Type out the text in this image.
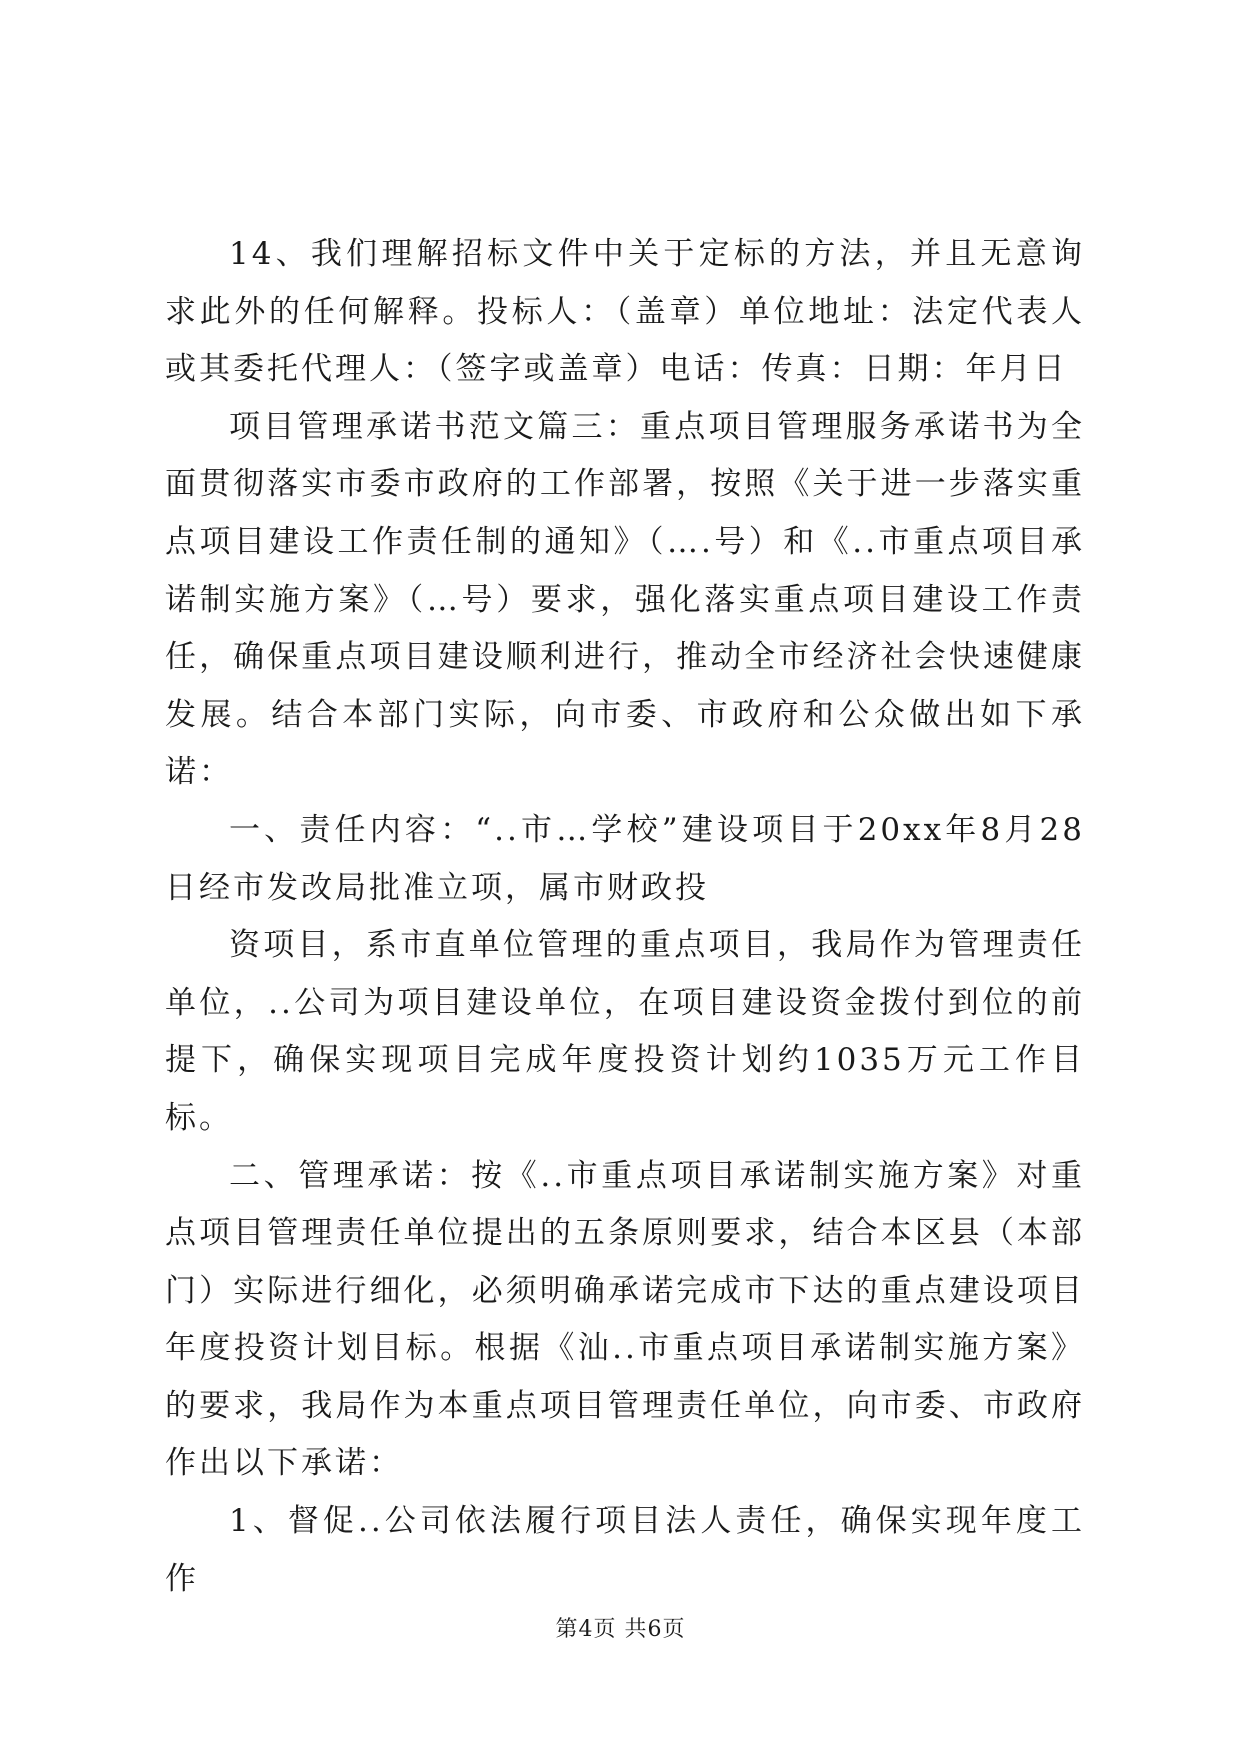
14、我们理解招标文件中关于定标的方法，并且无意询求此外的任何解释。投标人：（盖章）单位地址：法定代表人或其委托代理人：（签字或盖章）电话：传真：日期：年月日

项目管理承诺书范文篇三：重点项目管理服务承诺书为全面贯彻落实市委市政府的工作部署，按照《关于进一步落实重点项目建设工作责任制的通知》（….号）和《..市重点项目承诺制实施方案》（…号）要求，强化落实重点项目建设工作责任，确保重点项目建设顺利进行，推动全市经济社会快速健康发展。结合本部门实际，向市委、市政府和公众做出如下承诺：

一、责任内容：“..市…学校”建设项目于20xx年8月28日经市发改局批准立项，属市财政投

资项目，系市直单位管理的重点项目，我局作为管理责任单位，..公司为项目建设单位，在项目建设资金拨付到位的前提下，确保实现项目完成年度投资计划约1035万元工作目标。

二、管理承诺：按《..市重点项目承诺制实施方案》对重点项目管理责任单位提出的五条原则要求，结合本区县（本部门）实际进行细化，必须明确承诺完成市下达的重点建设项目年度投资计划目标。根据《汕..市重点项目承诺制实施方案》的要求，我局作为本重点项目管理责任单位，向市委、市政府作出以下承诺：

1、督促..公司依法履行项目法人责任，确保实现年度工作

第4页 共6页
